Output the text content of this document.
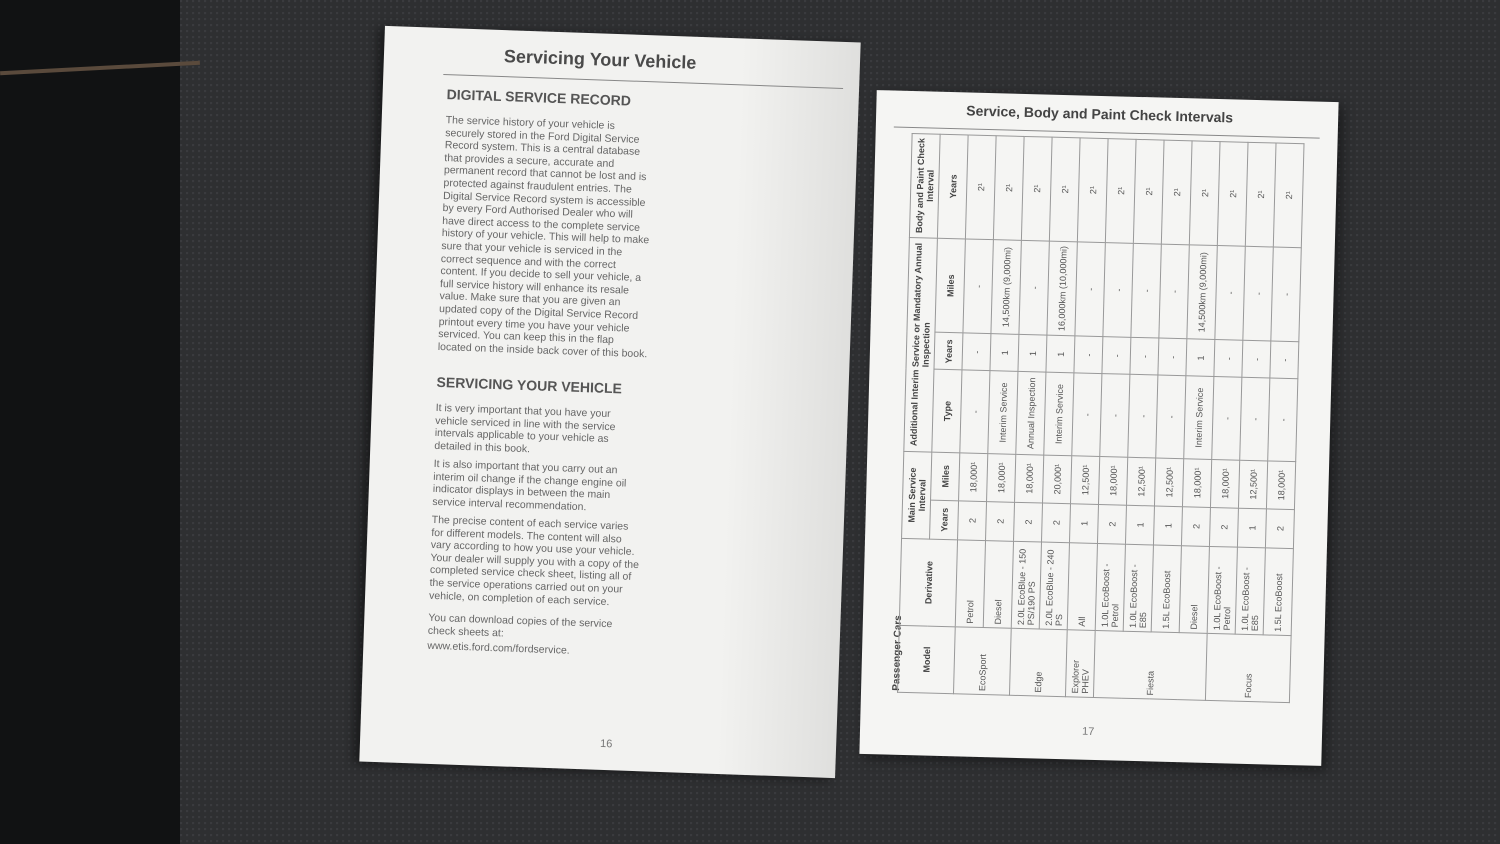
Servicing Your Vehicle
DIGITAL SERVICE RECORD

The service history of your vehicle is securely stored in the Ford Digital Service Record system. This is a central database that provides a secure, accurate and permanent record that cannot be lost and is protected against fraudulent entries. The Digital Service Record system is accessible by every Ford Authorised Dealer who will have direct access to the complete service history of your vehicle. This will help to make sure that your vehicle is serviced in the correct sequence and with the correct content. If you decide to sell your vehicle, a full service history will enhance its resale value. Make sure that you are given an updated copy of the Digital Service Record printout every time you have your vehicle serviced. You can keep this in the flap located on the inside back cover of this book.

SERVICING YOUR VEHICLE

It is very important that you have your vehicle serviced in line with the service intervals applicable to your vehicle as detailed in this book.

It is also important that you carry out an interim oil change if the change engine oil indicator displays in between the main service interval recommendation.

The precise content of each service varies for different models. The content will also vary according to how you use your vehicle. Your dealer will supply you with a copy of the completed service check sheet, listing all of the service operations carried out on your vehicle, on completion of each service.

You can download copies of the service check sheets at:

www.etis.ford.com/fordservice.

16
Service, Body and Paint Check Intervals
Passenger Cars Model	Derivative	Main Service Interval		Additional Interim Service or Mandatory Annual Inspection			Body and Paint Check Interval
		Years	Miles	Type	Years	Miles	Years
EcoSport	Petrol	2	18,000¹	-	-	-	2¹
	Diesel	2	18,000¹	Interim Service	1	14,500km (9,000mi)	2¹
Edge	2.0L EcoBlue - 150 PS/190 PS	2	18,000¹	Annual Inspection	1	-	2¹
	2.0L EcoBlue - 240 PS	2	20,000¹	Interim Service	1	16,000km (10,000mi)	2¹
Explorer PHEV	All	1	12,500¹	-	-	-	2¹
Fiesta	1.0L EcoBoost - Petrol	2	18,000¹	-	-	-	2¹
	1.0L EcoBoost - E85	1	12,500¹	-	-	-	2¹
	1.5L EcoBoost	1	12,500¹	-	-	-	2¹
	Diesel	2	18,000¹	Interim Service	1	14,500km (9,000mi)	2¹
Focus	1.0L EcoBoost - Petrol	2	18,000¹	-	-	-	2¹
	1.0L EcoBoost - E85	1	12,500¹	-	-	-	2¹
	1.5L EcoBoost	2	18,000¹	-	-	-	2¹
17
